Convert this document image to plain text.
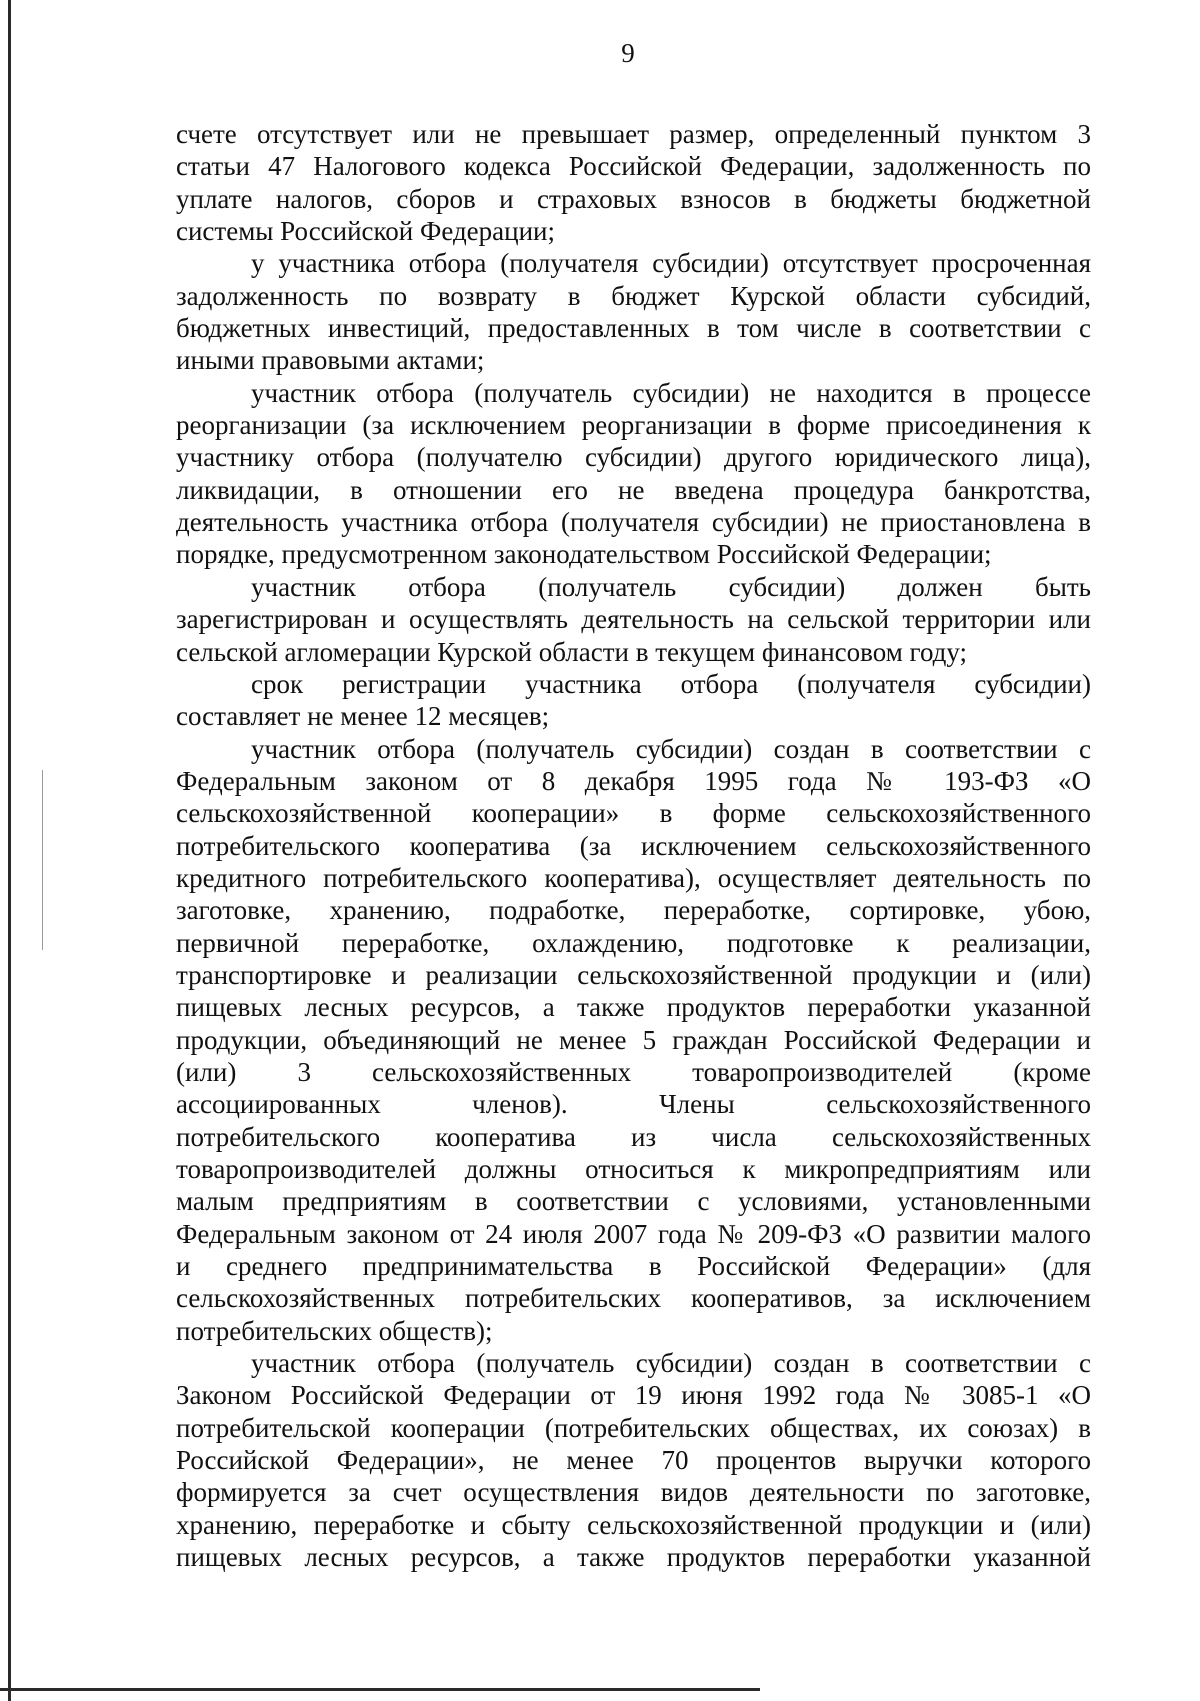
9
счете отсутствует или не превышает размер, определенный пунктом 3
статьи 47 Налогового кодекса Российской Федерации, задолженность по
уплате налогов, сборов и страховых взносов в бюджеты бюджетной
системы Российской Федерации;
у участника отбора (получателя субсидии) отсутствует просроченная
задолженность по возврату в бюджет Курской области субсидий,
бюджетных инвестиций, предоставленных в том числе в соответствии с
иными правовыми актами;
участник отбора (получатель субсидии) не находится в процессе
реорганизации (за исключением реорганизации в форме присоединения к
участнику отбора (получателю субсидии) другого юридического лица),
ликвидации, в отношении его не введена процедура банкротства,
деятельность участника отбора (получателя субсидии) не приостановлена в
порядке, предусмотренном законодательством Российской Федерации;
участник отбора (получатель субсидии) должен быть
зарегистрирован и осуществлять деятельность на сельской территории или
сельской агломерации Курской области в текущем финансовом году;
срок регистрации участника отбора (получателя субсидии)
составляет не менее 12 месяцев;
участник отбора (получатель субсидии) создан в соответствии с
Федеральным законом от 8 декабря 1995 года № 193-ФЗ «О
сельскохозяйственной кооперации» в форме сельскохозяйственного
потребительского кооператива (за исключением сельскохозяйственного
кредитного потребительского кооператива), осуществляет деятельность по
заготовке, хранению, подработке, переработке, сортировке, убою,
первичной переработке, охлаждению, подготовке к реализации,
транспортировке и реализации сельскохозяйственной продукции и (или)
пищевых лесных ресурсов, а также продуктов переработки указанной
продукции, объединяющий не менее 5 граждан Российской Федерации и
(или) 3 сельскохозяйственных товаропроизводителей (кроме
ассоциированных членов). Члены сельскохозяйственного
потребительского кооператива из числа сельскохозяйственных
товаропроизводителей должны относиться к микропредприятиям или
малым предприятиям в соответствии с условиями, установленными
Федеральным законом от 24 июля 2007 года № 209-ФЗ «О развитии малого
и среднего предпринимательства в Российской Федерации» (для
сельскохозяйственных потребительских кооперативов, за исключением
потребительских обществ);
участник отбора (получатель субсидии) создан в соответствии с
Законом Российской Федерации от 19 июня 1992 года № 3085-1 «О
потребительской кооперации (потребительских обществах, их союзах) в
Российской Федерации», не менее 70 процентов выручки которого
формируется за счет осуществления видов деятельности по заготовке,
хранению, переработке и сбыту сельскохозяйственной продукции и (или)
пищевых лесных ресурсов, а также продуктов переработки указанной
